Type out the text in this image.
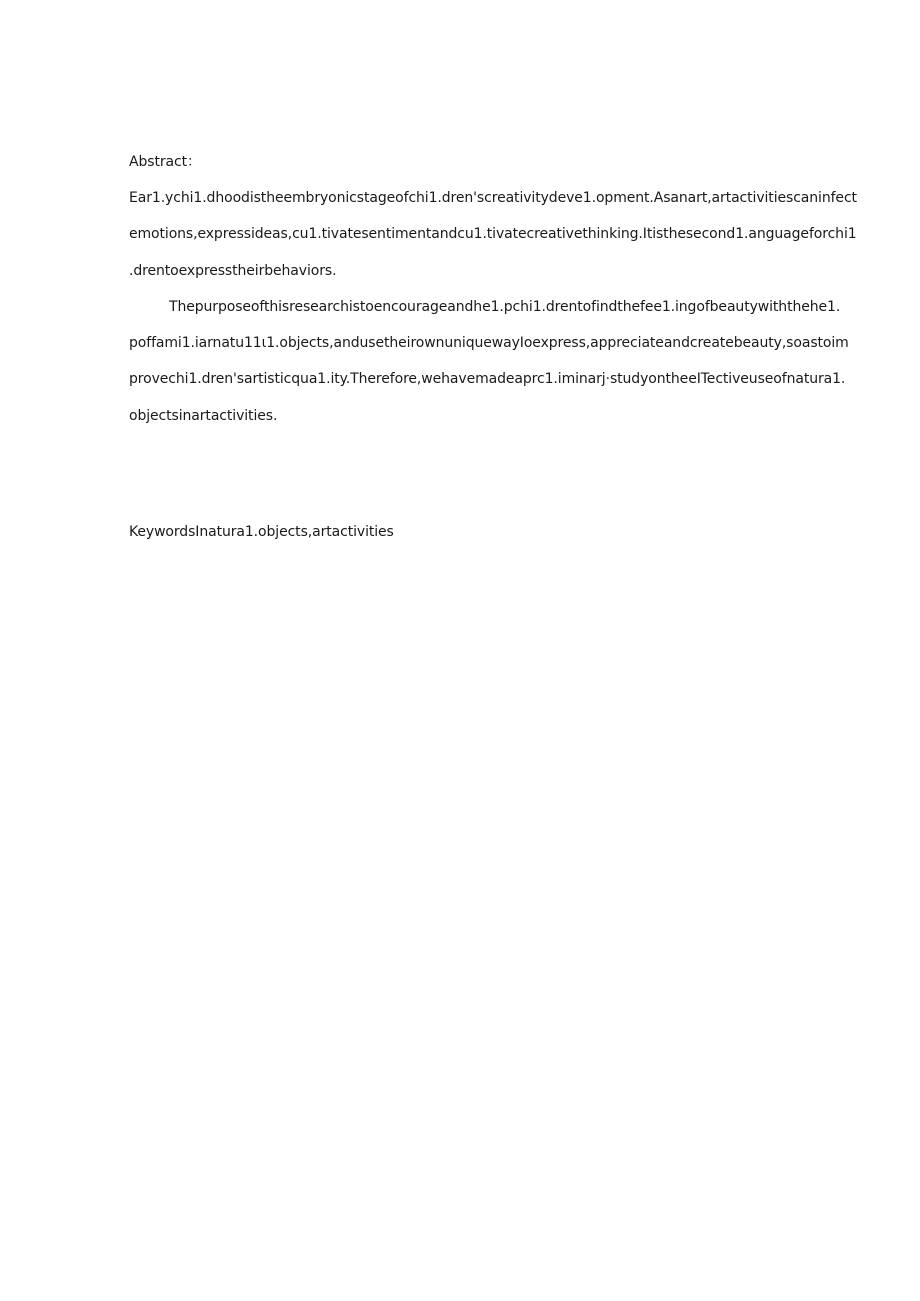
Abstract：
Ear1.ychi1.dhoodistheembryonicstageofchi1.dren'screativitydeve1.opment.Asanart,artactivitiescaninfect
emotions,expressideas,cu1.tivatesentimentandcu1.tivatecreativethinking.Itisthesecond1.anguageforchi1
.drentoexpresstheirbehaviors.
Thepurposeofthisresearchistoencourageandhe1.pchi1.drentofindthefee1.ingofbeautywiththehe1.
poffami1.iarnatu11ι1.objects,andusetheirownuniquewayIoexpress,appreciateandcreatebeauty,soastoim
provechi1.dren'sartisticqua1.ity.Therefore,wehavemadeaprc1.iminarj·studyontheeITectiveuseofnatura1.
objectsinartactivities.
KeywordsInatura1.objects,artactivities
